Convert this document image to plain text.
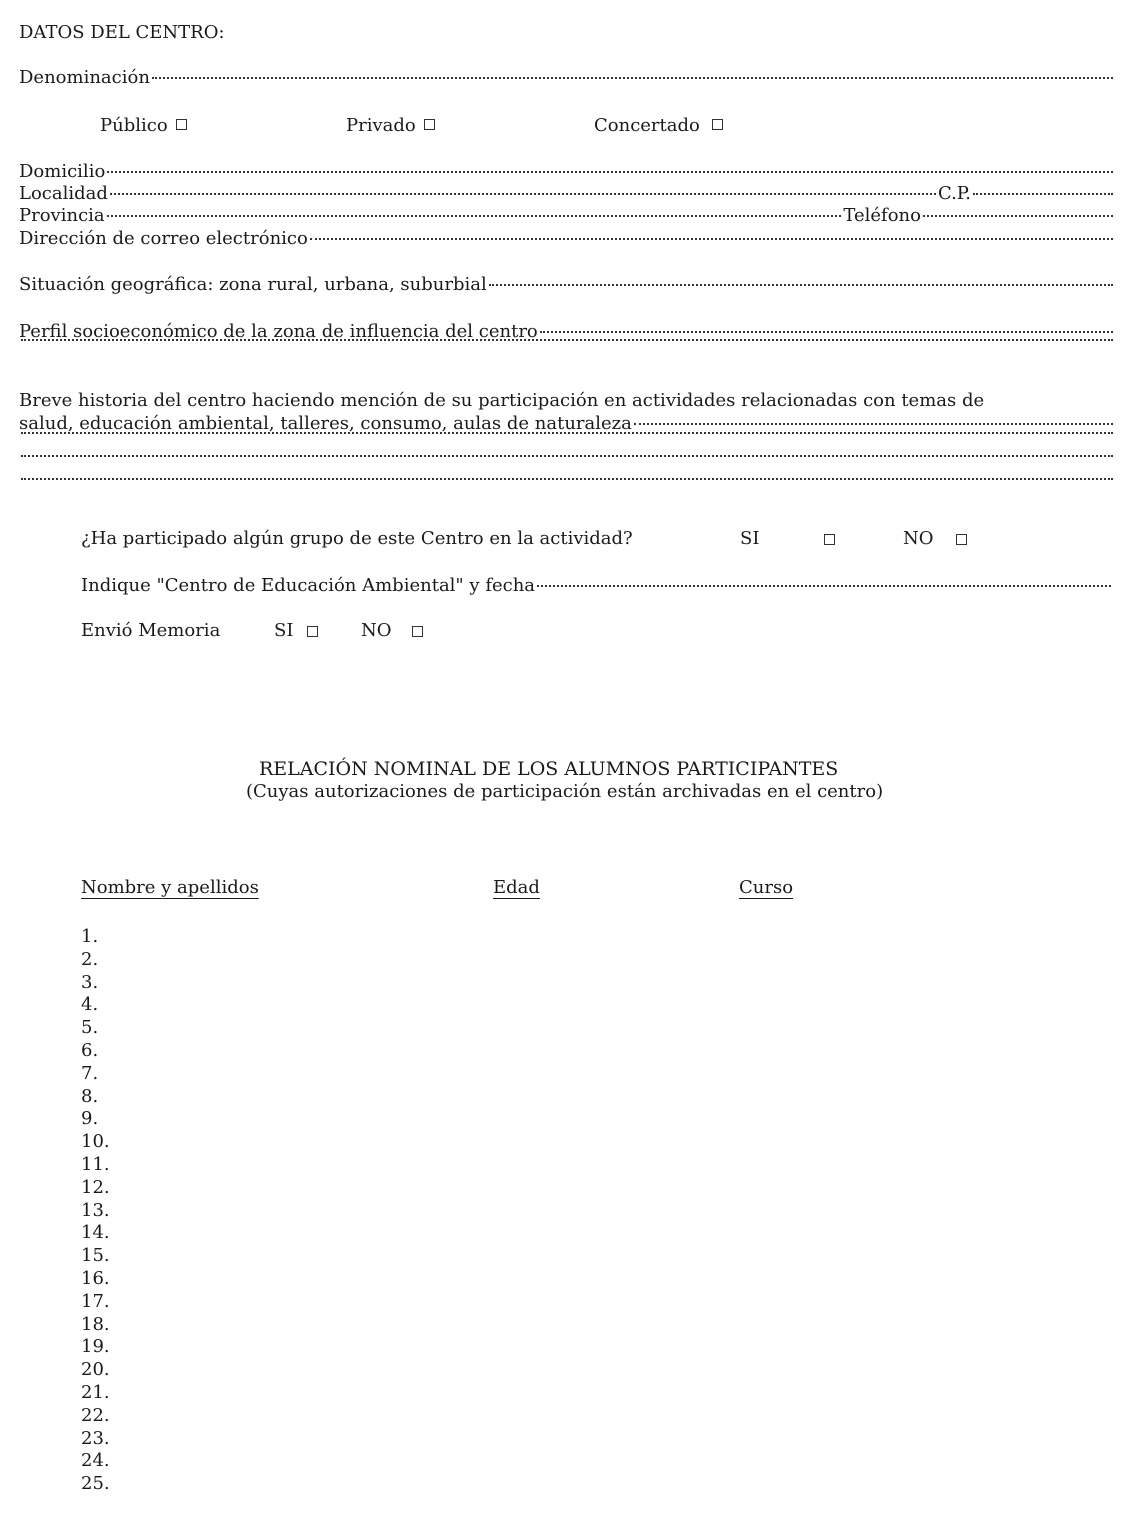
DATOS DEL CENTRO:
Denominación
Público	Privado	Concertado
Domicilio
Localidad	C.P.
Provincia	Teléfono
Dirección de correo electrónico
Situación geográfica: zona rural, urbana, suburbial
Perfil socioeconómico de la zona de influencia del centro
Breve historia del centro haciendo mención de su participación en actividades relacionadas con temas de
salud, educación ambiental, talleres, consumo, aulas de naturaleza
¿Ha participado algún grupo de este Centro en la actividad?	SI	NO
Indique "Centro de Educación Ambiental" y fecha
Envió Memoria	SI	NO
RELACIÓN NOMINAL DE LOS ALUMNOS PARTICIPANTES
(Cuyas autorizaciones de participación están archivadas en el centro)
Nombre y apellidos	Edad	Curso
1.
2.
3.
4.
5.
6.
7.
8.
9.
10.
11.
12.
13.
14.
15.
16.
17.
18.
19.
20.
21.
22.
23.
24.
25.
